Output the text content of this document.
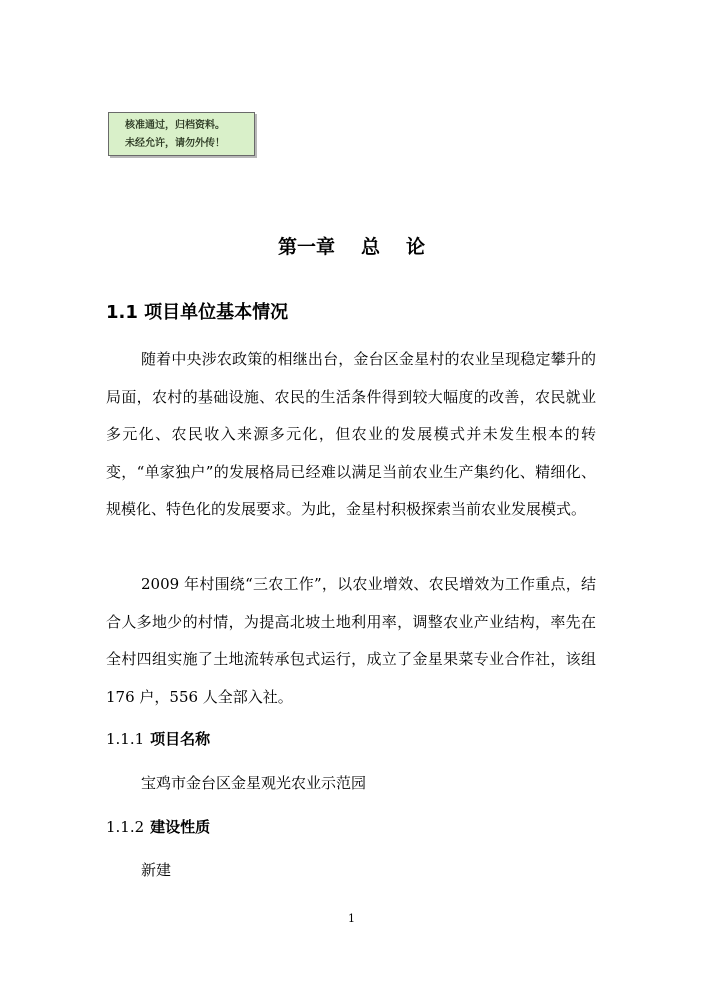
核准通过，归档资料。
未经允许，请勿外传！
第一章 总 论
1.1 项目单位基本情况
随着中央涉农政策的相继出台，金台区金星村的农业呈现稳定攀升的局面，农村的基础设施、农民的生活条件得到较大幅度的改善，农民就业多元化、农民收入来源多元化，但农业的发展模式并未发生根本的转变，“单家独户”的发展格局已经难以满足当前农业生产集约化、精细化、规模化、特色化的发展要求。为此，金星村积极探索当前农业发展模式。
2009 年村围绕“三农工作”，以农业增效、农民增效为工作重点，结合人多地少的村情，为提高北坡土地利用率，调整农业产业结构，率先在全村四组实施了土地流转承包式运行，成立了金星果菜专业合作社，该组 176 户，556 人全部入社。
1.1.1 项目名称
宝鸡市金台区金星观光农业示范园
1.1.2 建设性质
新建
1
